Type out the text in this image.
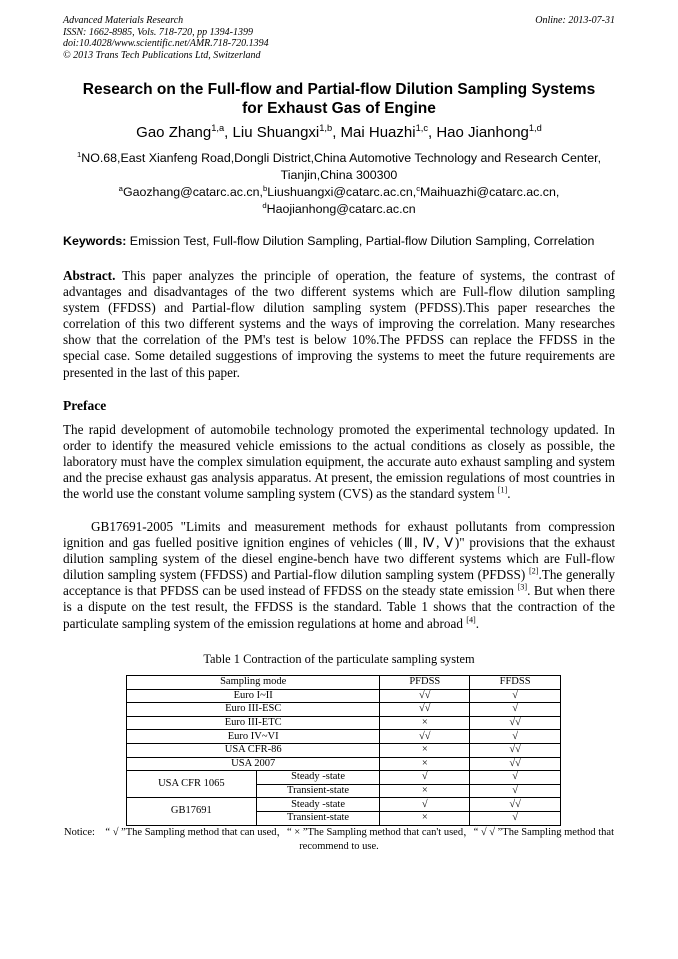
Advanced Materials Research
ISSN: 1662-8985, Vols. 718-720, pp 1394-1399
doi:10.4028/www.scientific.net/AMR.718-720.1394
© 2013 Trans Tech Publications Ltd, Switzerland
Online: 2013-07-31
Research on the Full-flow and Partial-flow Dilution Sampling Systems
for Exhaust Gas of Engine
Gao Zhang$^{1,a}$, Liu Shuangxi$^{1,b}$, Mai Huazhi$^{1,c}$, Hao Jianhong$^{1,d}$
$^1$NO.68,East Xianfeng Road,Dongli District,China Automotive Technology and Research Center, Tianjin,China 300300
$^a$Gaozhang@catarc.ac.cn,$^b$Liushuangxi@catarc.ac.cn,$^c$Maihuazhi@catarc.ac.cn,
$^d$Haojianhong@catarc.ac.cn
Keywords: Emission Test, Full-flow Dilution Sampling, Partial-flow Dilution Sampling, Correlation
Abstract. This paper analyzes the principle of operation, the feature of systems, the contrast of advantages and disadvantages of the two different systems which are Full-flow dilution sampling system (FFDSS) and Partial-flow dilution sampling system (PFDSS).This paper researches the correlation of this two different systems and the ways of improving the correlation. Many researches show that the correlation of the PM's test is below 10%.The PFDSS can replace the FFDSS in the special case. Some detailed suggestions of improving the systems to meet the future requirements are presented in the last of this paper.
Preface
The rapid development of automobile technology promoted the experimental technology updated. In order to identify the measured vehicle emissions to the actual conditions as closely as possible, the laboratory must have the complex simulation equipment, the accurate auto exhaust sampling and system and the precise exhaust gas analysis apparatus. At present, the emission regulations of most countries in the world use the constant volume sampling system (CVS) as the standard system [1].
GB17691-2005 "Limits and measurement methods for exhaust pollutants from compression ignition and gas fuelled positive ignition engines of vehicles (Ⅲ, Ⅳ, Ⅴ)" provisions that the exhaust dilution sampling system of the diesel engine-bench have two different systems which are Full-flow dilution sampling system (FFDSS) and Partial-flow dilution sampling system (PFDSS) [2].The generally acceptance is that PFDSS can be used instead of FFDSS on the steady state emission [3]. But when there is a dispute on the test result, the FFDSS is the standard. Table 1 shows that the contraction of the particulate sampling system of the emission regulations at home and abroad [4].
Table 1 Contraction of the particulate sampling system
Sampling mode		PFDSS	FFDSS
Euro I~II		√√	√
Euro III-ESC		√√	√
Euro III-ETC		×	√√
Euro IV~VI		√√	√
USA CFR-86		×	√√
USA 2007		×	√√
USA CFR 1065	Steady -state	√	√
	Transient-state	×	√
GB17691	Steady -state	√	√√
	Transient-state	×	√
Notice:　“ √ ”The Sampling method that can used，“ × ”The Sampling method that can't used，“ √ √ ”The Sampling method that recommend to use.
